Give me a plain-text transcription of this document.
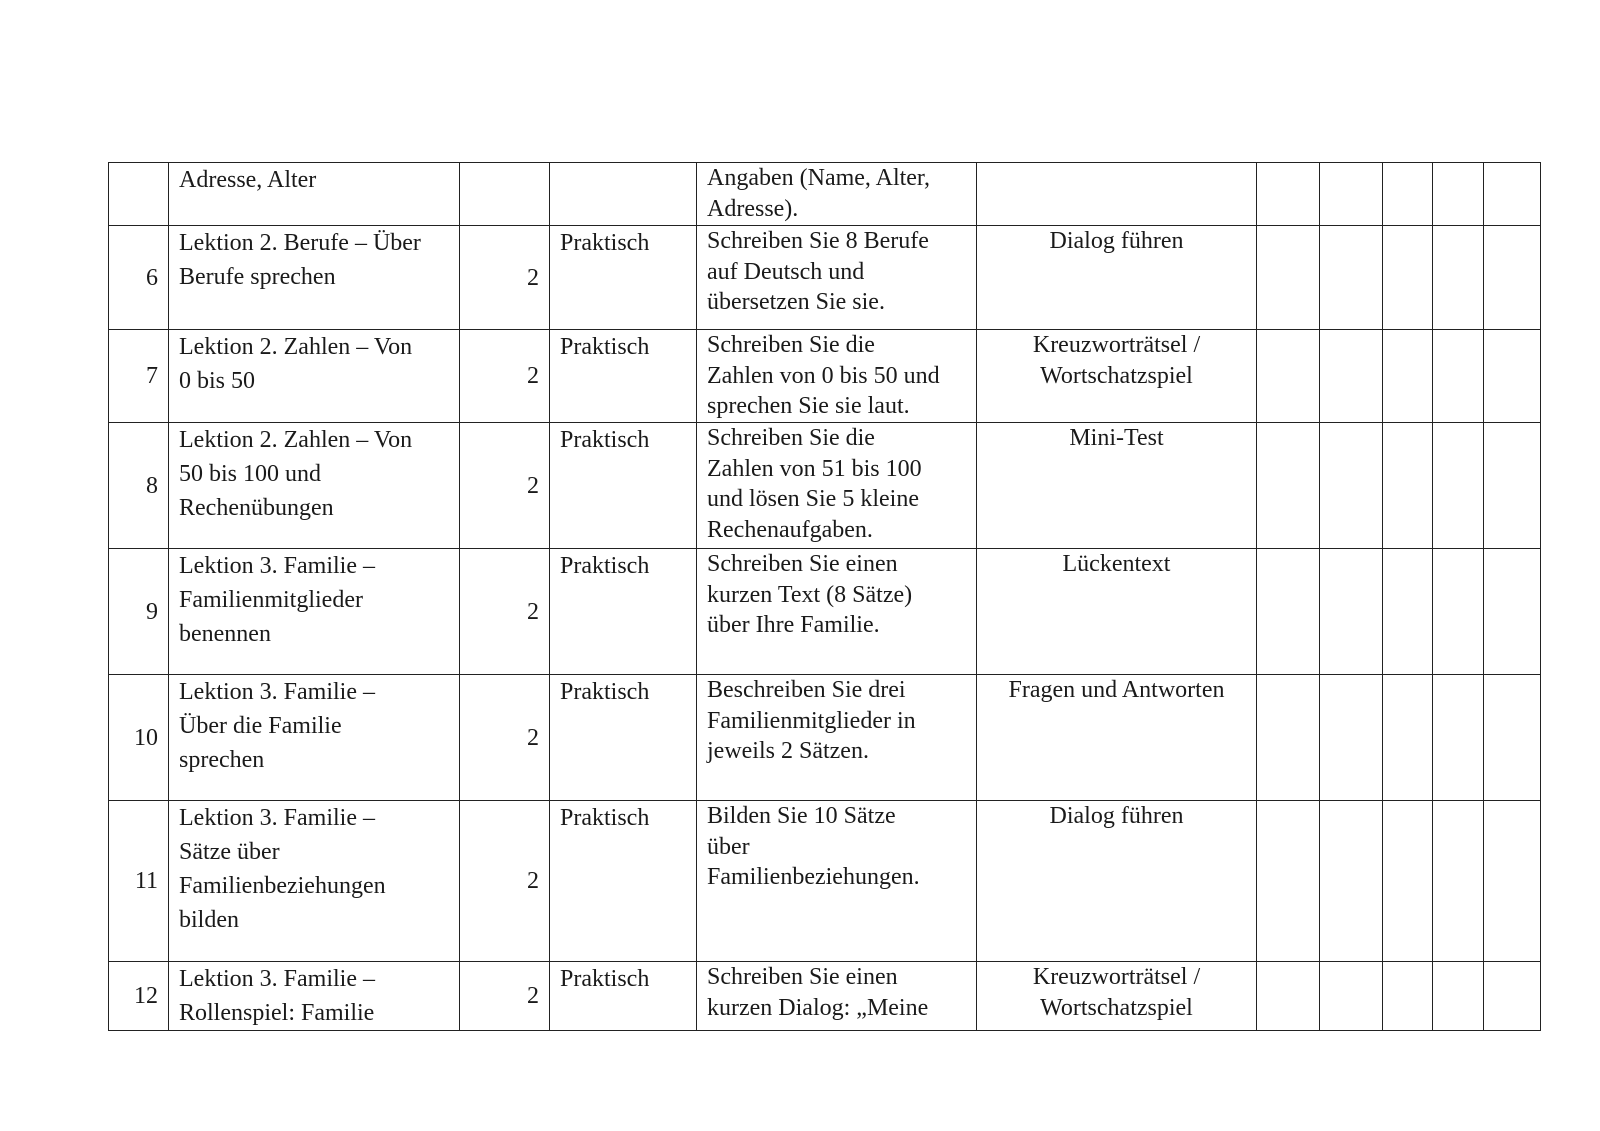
	Adresse, Alter			Angaben (Name, Alter,
Adresse).						

6	Lektion 2. Berufe – Über
Berufe sprechen	2	Praktisch	Schreiben Sie 8 Berufe
auf Deutsch und
übersetzen Sie sie.	Dialog führen					

7	Lektion 2. Zahlen – Von
0 bis 50	2	Praktisch	Schreiben Sie die
Zahlen von 0 bis 50 und
sprechen Sie sie laut.	Kreuzworträtsel /
Wortschatzspiel					

8	Lektion 2. Zahlen – Von
50 bis 100 und
Rechenübungen	2	Praktisch	Schreiben Sie die
Zahlen von 51 bis 100
und lösen Sie 5 kleine
Rechenaufgaben.	Mini-Test					

9	Lektion 3. Familie –
Familienmitglieder
benennen	2	Praktisch	Schreiben Sie einen
kurzen Text (8 Sätze)
über Ihre Familie.	Lückentext					

10	Lektion 3. Familie –
Über die Familie
sprechen	2	Praktisch	Beschreiben Sie drei
Familienmitglieder in
jeweils 2 Sätzen.	Fragen und Antworten					

11	Lektion 3. Familie –
Sätze über
Familienbeziehungen
bilden	2	Praktisch	Bilden Sie 10 Sätze
über
Familienbeziehungen.	Dialog führen					

12	Lektion 3. Familie –
Rollenspiel: Familie	2	Praktisch	Schreiben Sie einen
kurzen Dialog: „Meine	Kreuzworträtsel /
Wortschatzspiel					
